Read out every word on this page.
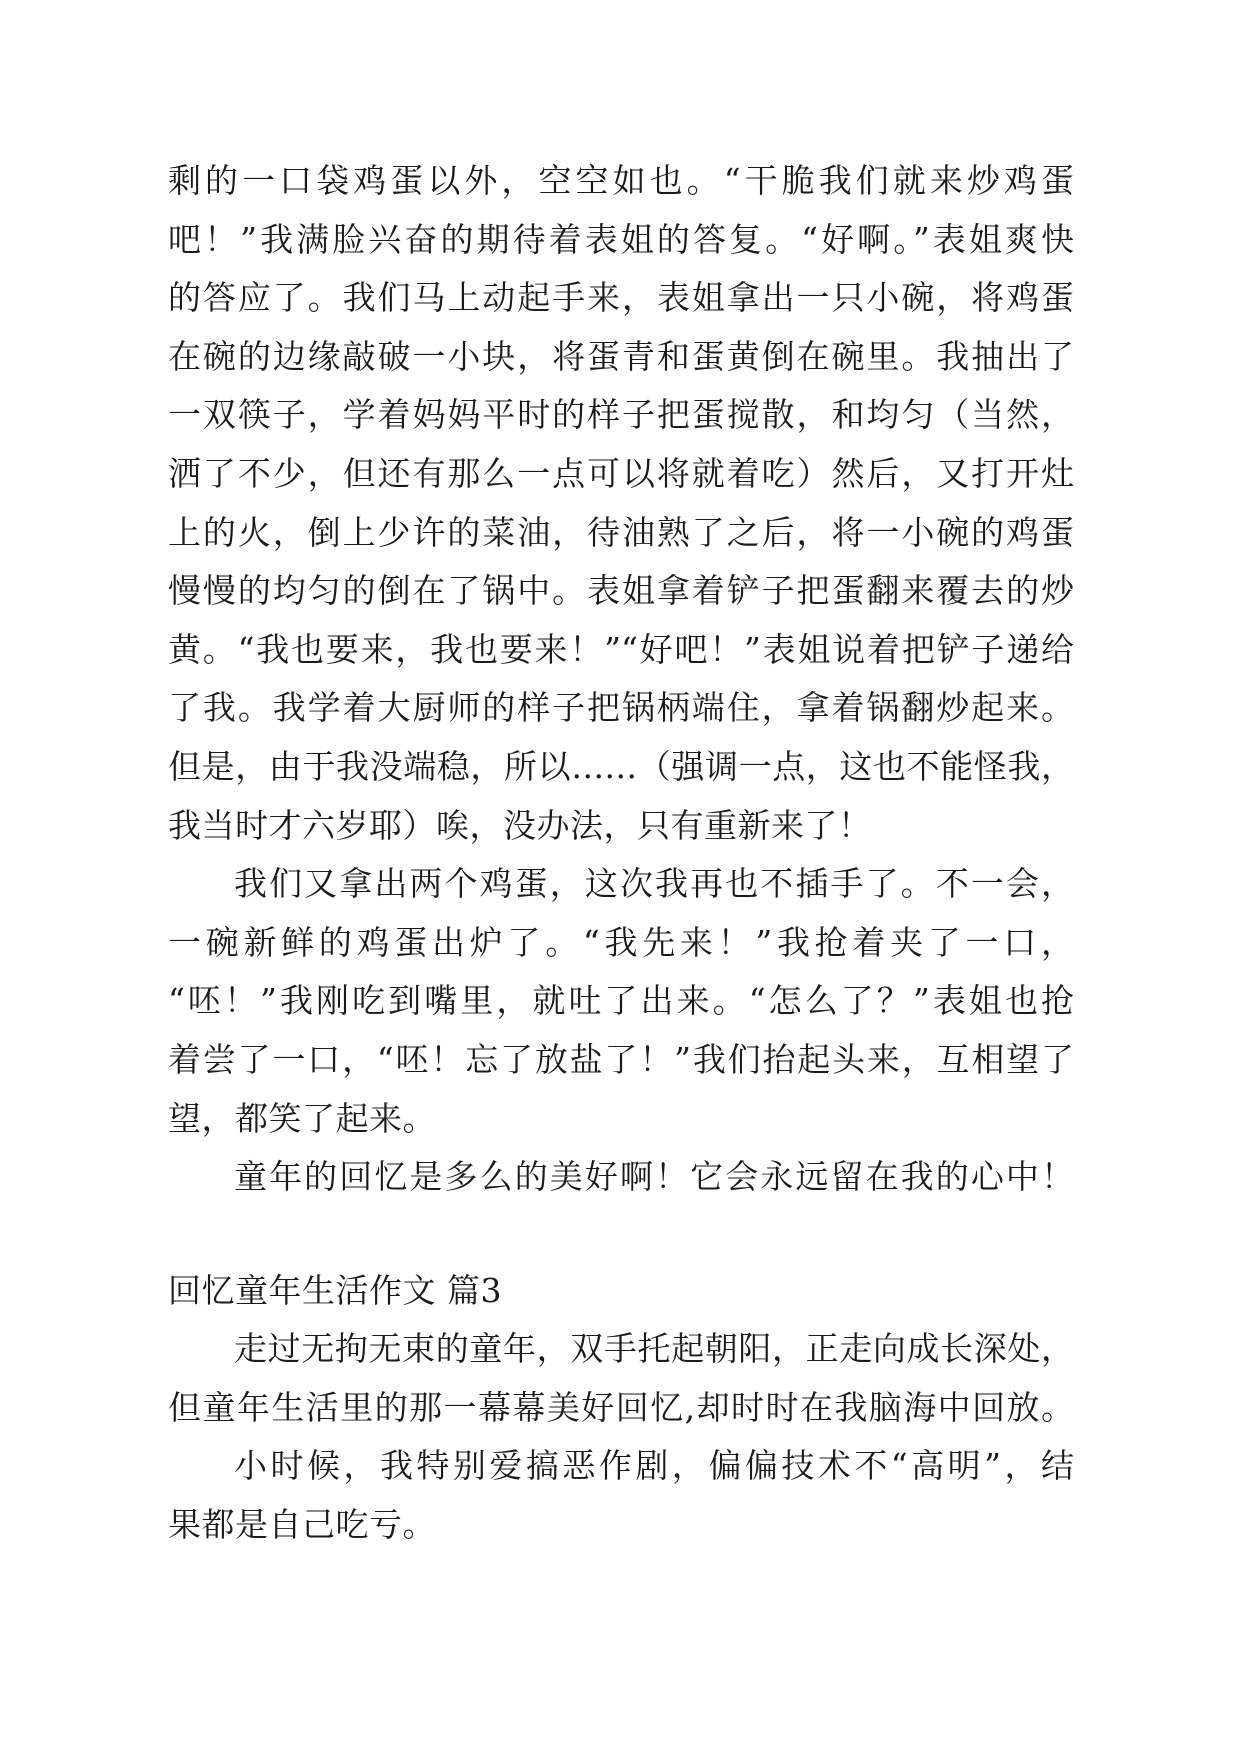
剩的一口袋鸡蛋以外，空空如也。“干脆我们就来炒鸡蛋
吧！”我满脸兴奋的期待着表姐的答复。“好啊。”表姐爽快
的答应了。我们马上动起手来，表姐拿出一只小碗，将鸡蛋
在碗的边缘敲破一小块，将蛋青和蛋黄倒在碗里。我抽出了
一双筷子，学着妈妈平时的样子把蛋搅散，和均匀（当然，
洒了不少，但还有那么一点可以将就着吃）然后，又打开灶
上的火，倒上少许的菜油，待油熟了之后，将一小碗的鸡蛋
慢慢的均匀的倒在了锅中。表姐拿着铲子把蛋翻来覆去的炒
黄。“我也要来，我也要来！”“好吧！”表姐说着把铲子递给
了我。我学着大厨师的样子把锅柄端住，拿着锅翻炒起来。
但是，由于我没端稳，所以……（强调一点，这也不能怪我，
我当时才六岁耶）唉，没办法，只有重新来了！
我们又拿出两个鸡蛋，这次我再也不插手了。不一会，
一碗新鲜的鸡蛋出炉了。“我先来！”我抢着夹了一口，
“呸！”我刚吃到嘴里，就吐了出来。“怎么了？”表姐也抢
着尝了一口，“呸！忘了放盐了！”我们抬起头来，互相望了
望，都笑了起来。
童年的回忆是多么的美好啊！它会永远留在我的心中！
回忆童年生活作文 篇3
走过无拘无束的童年，双手托起朝阳，正走向成长深处，
但童年生活里的那一幕幕美好回忆,却时时在我脑海中回放。
小时候，我特别爱搞恶作剧，偏偏技术不“高明”，结
果都是自己吃亏。
